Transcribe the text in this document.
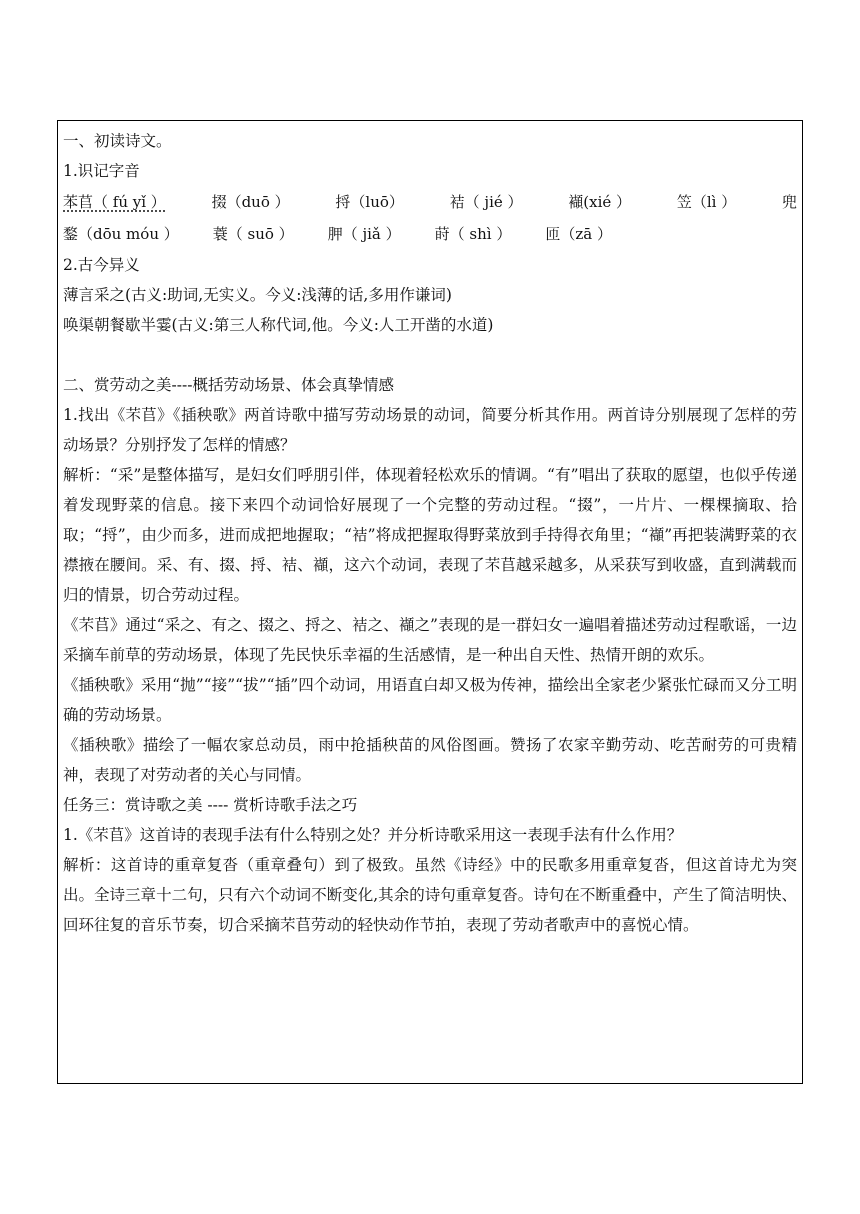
一、初读诗文。

1.识记字音

苯苢（ fú yǐ ）	掇（duō ）	捋（luō）	袺（ jié ）	襭(xié ）	笠（lì ）	兜
鍪（dōu móu ） 蓑（ suō ） 胛（ jiǎ ） 莳（ shì ） 匝（zā ）

2.古今异义

薄言采之(古义:助词,无实义。今义:浅薄的话,多用作谦词)

唤渠朝餐歇半霎(古义:第三人称代词,他。今义:人工开凿的水道)

二、赏劳动之美----概括劳动场景、体会真挚情感

1.找出《芣苢》《插秧歌》两首诗歌中描写劳动场景的动词，简要分析其作用。两首诗分别展现了怎样的劳动场景？分别抒发了怎样的情感？

解析：“采”是整体描写，是妇女们呼朋引伴，体现着轻松欢乐的情调。“有”唱出了获取的愿望，也似乎传递着发现野菜的信息。接下来四个动词恰好展现了一个完整的劳动过程。“掇”，一片片、一棵棵摘取、拾取；“捋”，由少而多，进而成把地握取；“袺”将成把握取得野菜放到手持得衣角里；“襭”再把装满野菜的衣襟掖在腰间。采、有、掇、捋、袺、襭，这六个动词，表现了芣苢越采越多，从采获写到收盛，直到满载而归的情景，切合劳动过程。

《芣苢》通过“采之、有之、掇之、捋之、袺之、襭之”表现的是一群妇女一遍唱着描述劳动过程歌谣，一边采摘车前草的劳动场景，体现了先民快乐幸福的生活感情，是一种出自天性、热情开朗的欢乐。

《插秧歌》采用“抛”“接”“拔”“插”四个动词，用语直白却又极为传神，描绘出全家老少紧张忙碌而又分工明确的劳动场景。

《插秧歌》描绘了一幅农家总动员，雨中抢插秧苗的风俗图画。赞扬了农家辛勤劳动、吃苦耐劳的可贵精神，表现了对劳动者的关心与同情。

任务三：赏诗歌之美 ---- 赏析诗歌手法之巧

1.《芣苢》这首诗的表现手法有什么特别之处？并分析诗歌采用这一表现手法有什么作用？

解析：这首诗的重章复沓（重章叠句）到了极致。虽然《诗经》中的民歌多用重章复沓，但这首诗尤为突出。全诗三章十二句，只有六个动词不断变化,其余的诗句重章复沓。诗句在不断重叠中，产生了简洁明快、回环往复的音乐节奏，切合采摘芣苢劳动的轻快动作节拍，表现了劳动者歌声中的喜悦心情。
